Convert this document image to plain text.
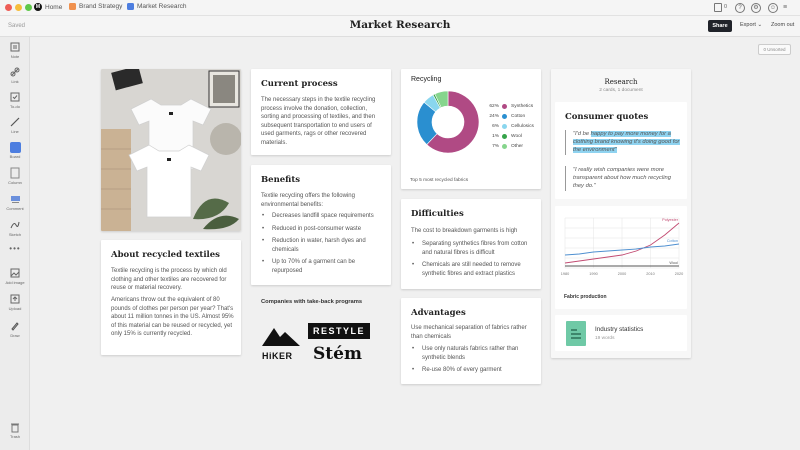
M Home	Brand Strategy Market Research	0	?	⚙	☺ ≡
Saved	Market Research	Share	Export ⌄ Zoom out
Note
Link
To-do
Line
Board
Column
Comment
Sketch
•••
Add image
Upload
Draw
Trash
0 Unsorted
About recycled textiles
Textile recycling is the process by which old clothing and other textiles are recovered for reuse or material recovery.
Americans throw out the equivalent of 80 pounds of clothes per person per year? That's about 11 million tonnes in the US. Almost 95% of this material can be reused or recycled, yet only 15% is currently recycled.
Current process
The necessary steps in the textile recycling process involve the donation, collection, sorting and processing of textiles, and then subsequent transportation to end users of used garments, rags or other recovered materials.
Benefits
Textile recycling offers the following environmental benefits:
• Decreases landfill space requirements
• Reduced in post-consumer waste
• Reduction in water, harsh dyes and chemicals
• Up to 70% of a garment can be repurposed
Companies with take-back programs
HiKER
RESTYLE
Stém
Recycling
Top 5 most recycled fabrics
62%	Synthetics
24%	Cotton
6%	Cellulosics
1%	Wool
7%	Other
Difficulties
The cost to breakdown garments is high
• Separating synthetics fibres from cotton and natural fibres is difficult
• Chemicals are still needed to remove synthetic fibres and extract plastics
Advantages
Use mechanical separation of fabrics rather than chemicals
• Use only naturals fabrics rather than synthetic blends
• Re-use 80% of every garment
Research
2 cards, 1 document
Consumer quotes
"I'd be happy to pay more money for a clothing brand knowing it's doing good for the environment"
"I really wish companies were more transparent about how much recycling they do."
1980	1990	2000	2010	2020
Polyester
Cotton
Wool
Fabric production
Industry statistics
19 words
